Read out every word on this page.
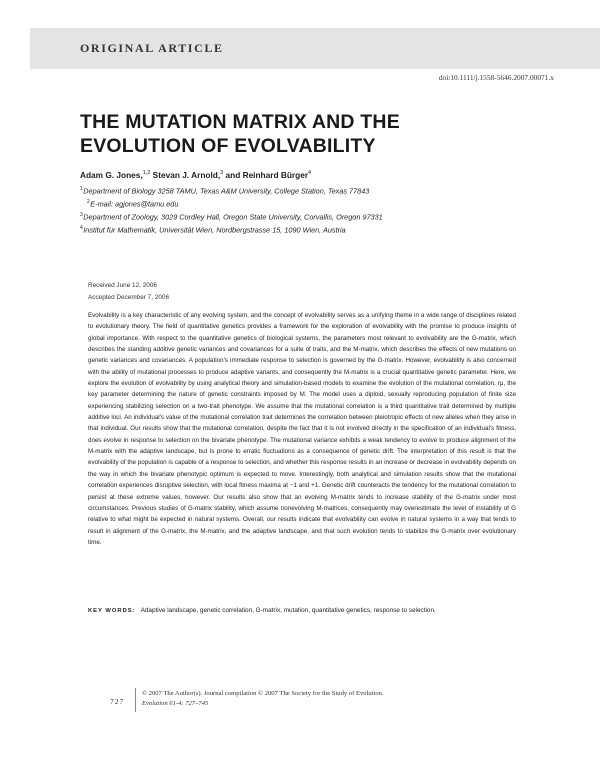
ORIGINAL ARTICLE
doi:10.1111/j.1558-5646.2007.00071.x
THE MUTATION MATRIX AND THE
EVOLUTION OF EVOLVABILITY
Adam G. Jones,$^{1,2}$ Stevan J. Arnold,$^3$ and Reinhard Bürger$^4$
$^1$Department of Biology 3258 TAMU, Texas A&M University, College Station, Texas 77843
$^2$E-mail: agjones@tamu.edu
$^3$Department of Zoology, 3029 Cordley Hall, Oregon State University, Corvallis, Oregon 97331
$^4$Institut für Mathematik, Universität Wien, Nordbergstrasse 15, 1090 Wien, Austria
Received June 12, 2006
Accepted December 7, 2006

Evolvability is a key characteristic of any evolving system, and the concept of evolvability serves as a unifying theme in a wide range of disciplines related to evolutionary theory. The field of quantitative genetics provides a framework for the exploration of evolvability with the promise to produce insights of global importance. With respect to the quantitative genetics of biological systems, the parameters most relevant to evolvability are the G-matrix, which describes the standing additive genetic variances and covariances for a suite of traits, and the M-matrix, which describes the effects of new mutations on genetic variances and covariances. A population's immediate response to selection is governed by the G-matrix. However, evolvability is also concerned with the ability of mutational processes to produce adaptive variants, and consequently the M-matrix is a crucial quantitative genetic parameter. Here, we explore the evolution of evolvability by using analytical theory and simulation-based models to examine the evolution of the mutational correlation, rμ, the key parameter determining the nature of genetic constraints imposed by M. The model uses a diploid, sexually reproducing population of finite size experiencing stabilizing selection on a two-trait phenotype. We assume that the mutational correlation is a third quantitative trait determined by multiple additive loci. An individual's value of the mutational correlation trait determines the correlation between pleiotropic effects of new alleles when they arise in that individual. Our results show that the mutational correlation, despite the fact that it is not involved directly in the specification of an individual's fitness, does evolve in response to selection on the bivariate phenotype. The mutational variance exhibits a weak tendency to evolve to produce alignment of the M-matrix with the adaptive landscape, but is prone to erratic fluctuations as a consequence of genetic drift. The interpretation of this result is that the evolvability of the population is capable of a response to selection, and whether this response results in an increase or decrease in evolvability depends on the way in which the bivariate phenotypic optimum is expected to move. Interestingly, both analytical and simulation results show that the mutational correlation experiences disruptive selection, with local fitness maxima at −1 and +1. Genetic drift counteracts the tendency for the mutational correlation to persist at these extreme values, however. Our results also show that an evolving M-matrix tends to increase stability of the G-matrix under most circumstances. Previous studies of G-matrix stability, which assume nonevolving M-matrices, consequently may overestimate the level of instability of G relative to what might be expected in natural systems. Overall, our results indicate that evolvability can evolve in natural systems in a way that tends to result in alignment of the G-matrix, the M-matrix, and the adaptive landscape, and that such evolution tends to stabilize the G-matrix over evolutionary time.

KEY WORDS: Adaptive landscape, genetic correlation, G-matrix, mutation, quantitative genetics, response to selection.
727
© 2007 The Author(s). Journal compilation © 2007 The Society for the Study of Evolution.
Evolution 61-4: 727–745
